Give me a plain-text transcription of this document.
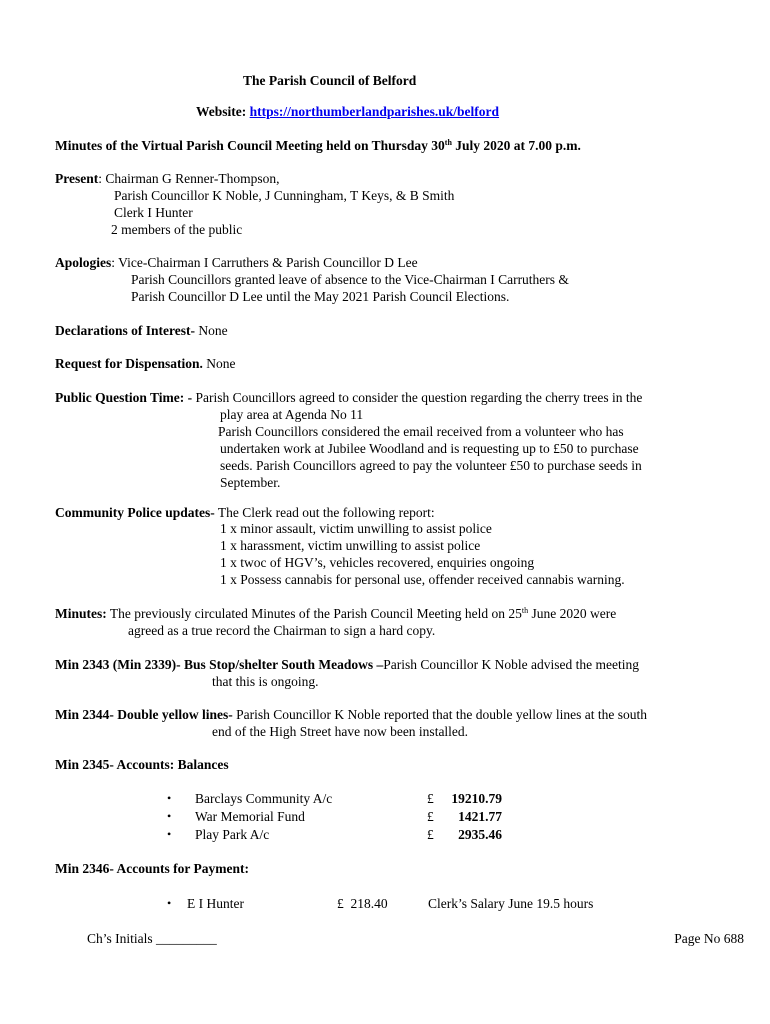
The Parish Council of Belford
Website: https://northumberlandparishes.uk/belford
Minutes of the Virtual Parish Council Meeting held on Thursday 30th July 2020 at 7.00 p.m.
Present: Chairman G Renner-Thompson,
Parish Councillor K Noble, J Cunningham, T Keys, & B Smith
Clerk I Hunter
2 members of the public
Apologies: Vice-Chairman I Carruthers & Parish Councillor D Lee
Parish Councillors granted leave of absence to the Vice-Chairman I Carruthers &
Parish Councillor D Lee until the May 2021 Parish Council Elections.
Declarations of Interest- None
Request for Dispensation. None
Public Question Time: - Parish Councillors agreed to consider the question regarding the cherry trees in the
play area at Agenda No 11
Parish Councillors considered the email received from a volunteer who has
undertaken work at Jubilee Woodland and is requesting up to £50 to purchase
seeds. Parish Councillors agreed to pay the volunteer £50 to purchase seeds in
September.
Community Police updates- The Clerk read out the following report:
1 x minor assault, victim unwilling to assist police
1 x harassment, victim unwilling to assist police
1 x twoc of HGV’s, vehicles recovered, enquiries ongoing
1 x Possess cannabis for personal use, offender received cannabis warning.
Minutes: The previously circulated Minutes of the Parish Council Meeting held on 25th June 2020 were
agreed as a true record the Chairman to sign a hard copy.
Min 2343 (Min 2339)- Bus Stop/shelter South Meadows –Parish Councillor K Noble advised the meeting
that this is ongoing.
Min 2344- Double yellow lines- Parish Councillor K Noble reported that the double yellow lines at the south
end of the High Street have now been installed.
Min 2345- Accounts: Balances
• Barclays Community A/c	£ 19210.79
• War Memorial Fund	£ 1421.77
• Play Park A/c	£ 2935.46
Min 2346- Accounts for Payment:
• E I Hunter	£  218.40	Clerk’s Salary June 19.5 hours
Ch’s Initials _________	Page No 688
